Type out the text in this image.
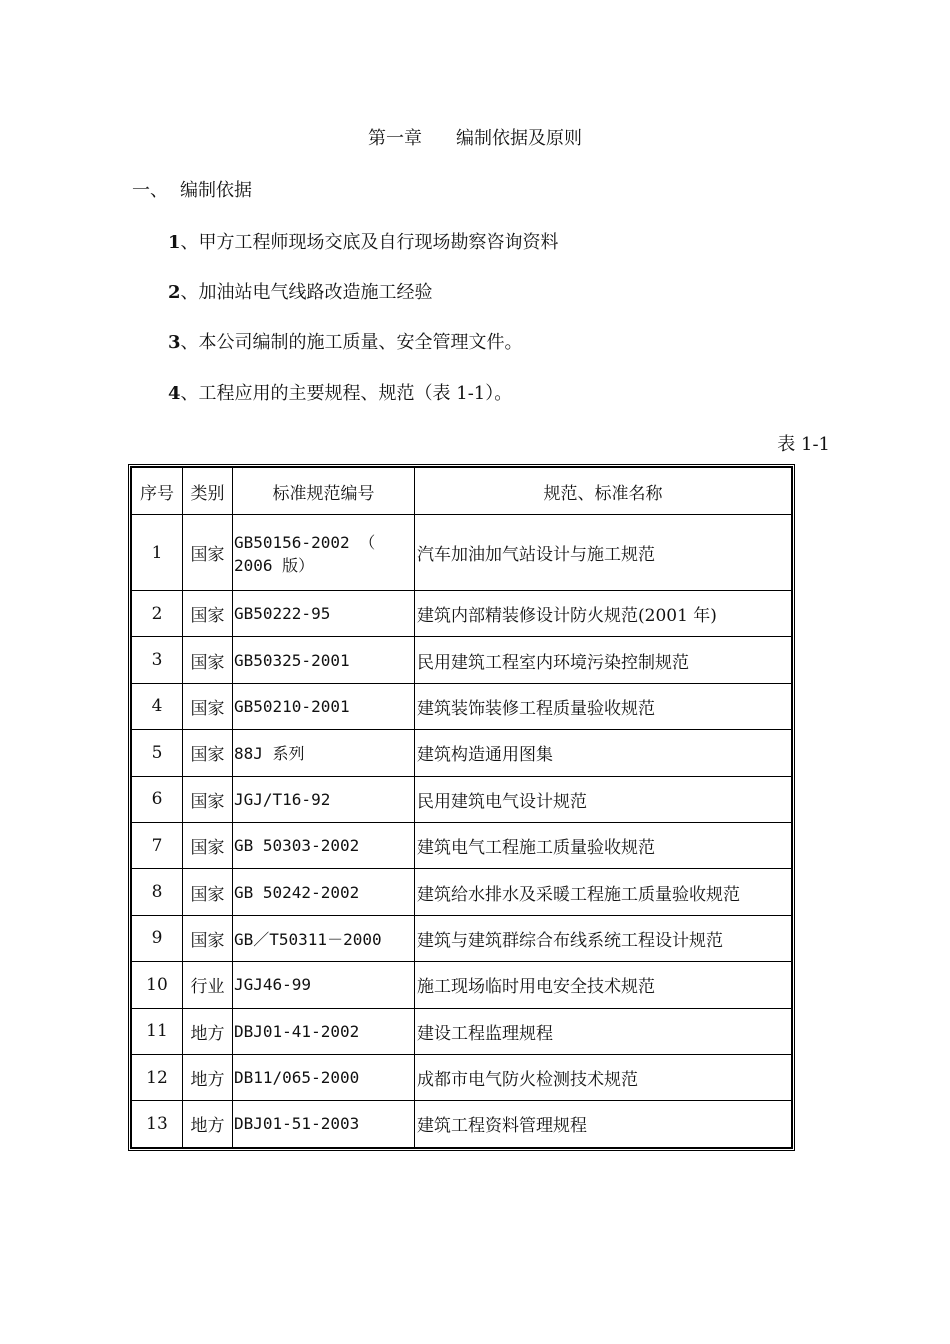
第一章 编制依据及原则
一、 编制依据
1、甲方工程师现场交底及自行现场勘察咨询资料
2、加油站电气线路改造施工经验
3、本公司编制的施工质量、安全管理文件。
4、工程应用的主要规程、规范（表 1-1）。
表 1-1
序号	类别	标准规范编号	规范、标准名称
1	国家	GB50156-2002 （ 2006 版）	汽车加油加气站设计与施工规范
2	国家	GB50222-95	建筑内部精装修设计防火规范(2001 年)
3	国家	GB50325-2001	民用建筑工程室内环境污染控制规范
4	国家	GB50210-2001	建筑装饰装修工程质量验收规范
5	国家	88J 系列	建筑构造通用图集
6	国家	JGJ/T16-92	民用建筑电气设计规范
7	国家	GB 50303-2002	建筑电气工程施工质量验收规范
8	国家	GB 50242-2002	建筑给水排水及采暖工程施工质量验收规范
9	国家	GB／T50311－2000	建筑与建筑群综合布线系统工程设计规范
10	行业	JGJ46-99	施工现场临时用电安全技术规范
11	地方	DBJ01-41-2002	建设工程监理规程
12	地方	DB11/065-2000	成都市电气防火检测技术规范
13	地方	DBJ01-51-2003	建筑工程资料管理规程
